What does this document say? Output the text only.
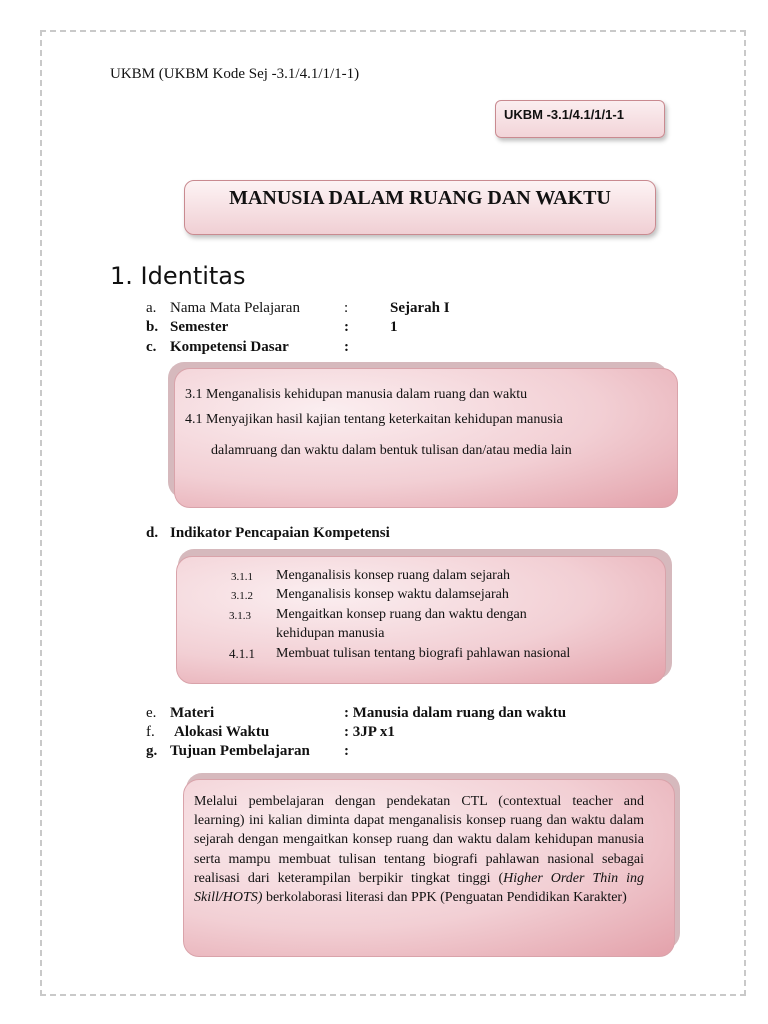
UKBM (UKBM Kode Sej -3.1/4.1/1/1-1)
UKBM -3.1/4.1/1/1-1
MANUSIA DALAM RUANG DAN WAKTU
1. Identitas
a. Nama Mata Pelajaran	:	Sejarah I
b. Semester	:	1
c. Kompetensi Dasar	:
3.1 Menganalisis kehidupan manusia dalam ruang dan waktu
4.1 Menyajikan hasil kajian tentang keterkaitan kehidupan manusia
dalamruang dan waktu dalam bentuk tulisan dan/atau media lain
d. Indikator Pencapaian Kompetensi
3.1.1 Menganalisis konsep ruang dalam sejarah
3.1.2 Menganalisis konsep waktu dalamsejarah
3.1.3 Mengaitkan konsep ruang dan waktu dengan
kehidupan manusia
4.1.1 Membuat tulisan tentang biografi pahlawan nasional
e. Materi	: Manusia dalam ruang dan waktu
f. Alokasi Waktu	: 3JP x1
g. Tujuan Pembelajaran :
Melalui pembelajaran dengan pendekatan CTL (contextual teacher and learning) ini kalian diminta dapat menganalisis konsep ruang dan waktu dalam sejarah dengan mengaitkan konsep ruang dan waktu dalam kehidupan manusia serta mampu membuat tulisan tentang biografi pahlawan nasional sebagai realisasi dari keterampilan berpikir tingkat tinggi (Higher Order Thin ing Skill/HOTS) berkolaborasi literasi dan PPK (Penguatan Pendidikan Karakter)
